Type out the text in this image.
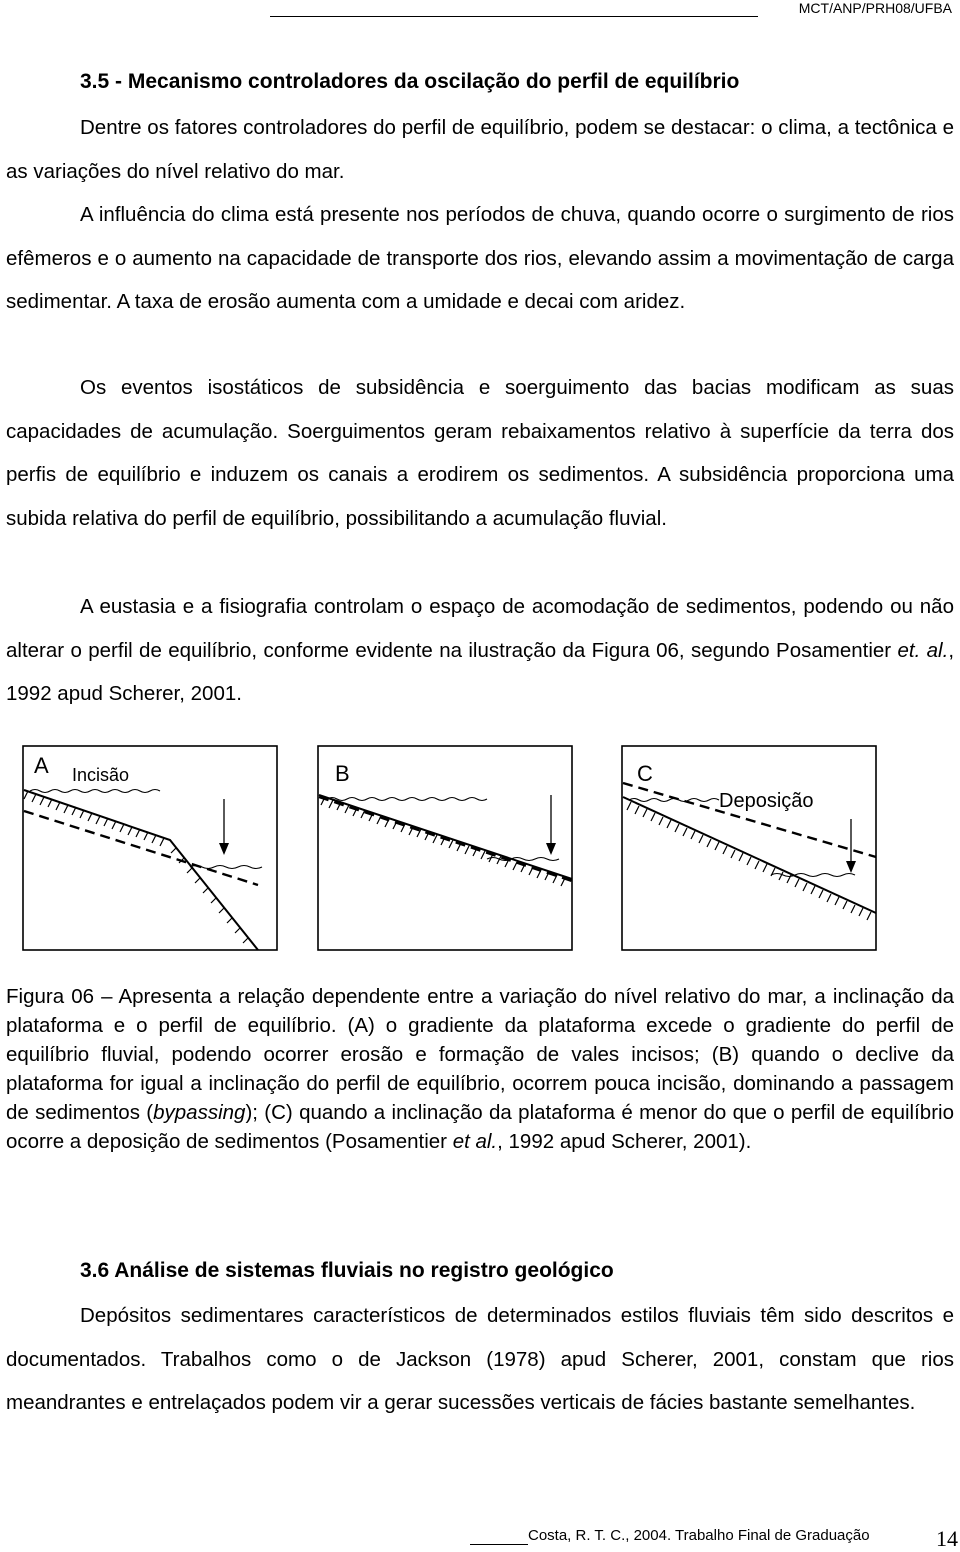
MCT/ANP/PRH08/UFBA
3.5 - Mecanismo controladores da oscilação do perfil de equilíbrio

Dentre os fatores controladores do perfil de equilíbrio, podem se destacar: o clima, a tectônica e as variações do nível relativo do mar.

A influência do clima está presente nos períodos de chuva, quando ocorre o surgimento de rios efêmeros e o aumento na capacidade de transporte dos rios, elevando assim a movimentação de carga sedimentar. A taxa de erosão aumenta com a umidade e decai com aridez.

Os eventos isostáticos de subsidência e soerguimento das bacias modificam as suas capacidades de acumulação. Soerguimentos geram rebaixamentos relativo à superfície da terra dos perfis de equilíbrio e induzem os canais a erodirem os sedimentos. A subsidência proporciona uma subida relativa do perfil de equilíbrio, possibilitando a acumulação fluvial.

A eustasia e a fisiografia controlam o espaço de acomodação de sedimentos, podendo ou não alterar o perfil de equilíbrio, conforme evidente na ilustração da Figura 06, segundo Posamentier et. al., 1992 apud Scherer, 2001.

A Incisão	B	C
Deposição

Figura 06 – Apresenta a relação dependente entre a variação do nível relativo do mar, a inclinação da plataforma e o perfil de equilíbrio. (A) o gradiente da plataforma excede o gradiente do perfil de equilíbrio fluvial, podendo ocorrer erosão e formação de vales incisos; (B) quando o declive da plataforma for igual a inclinação do perfil de equilíbrio, ocorrem pouca incisão, dominando a passagem de sedimentos (bypassing); (C) quando a inclinação da plataforma é menor do que o perfil de equilíbrio ocorre a deposição de sedimentos (Posamentier et al., 1992 apud Scherer, 2001).

3.6 Análise de sistemas fluviais no registro geológico

Depósitos sedimentares característicos de determinados estilos fluviais têm sido descritos e documentados. Trabalhos como o de Jackson (1978) apud Scherer, 2001, constam que rios meandrantes e entrelaçados podem vir a gerar sucessões verticais de fácies bastante semelhantes.

Costa, R. T. C., 2004. Trabalho Final de Graduação	14
